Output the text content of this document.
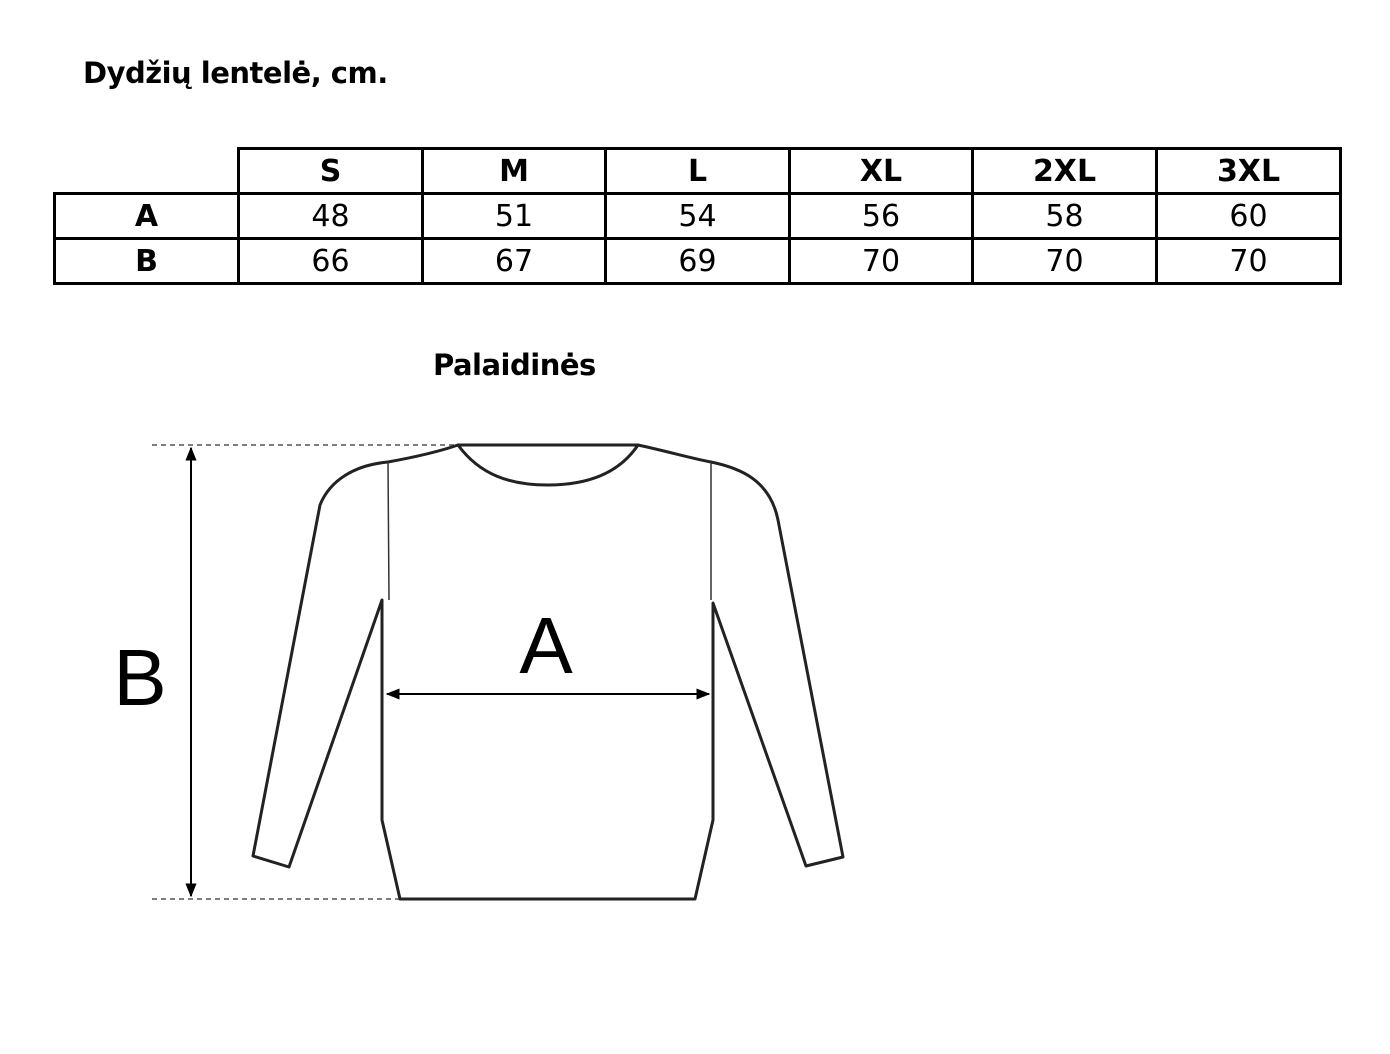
Dydžių lentelė, cm.
	S	M	L	XL	2XL	3XL
A	48	51	54	56	58	60
B	66	67	69	70	70	70
Palaidinės
A
B
